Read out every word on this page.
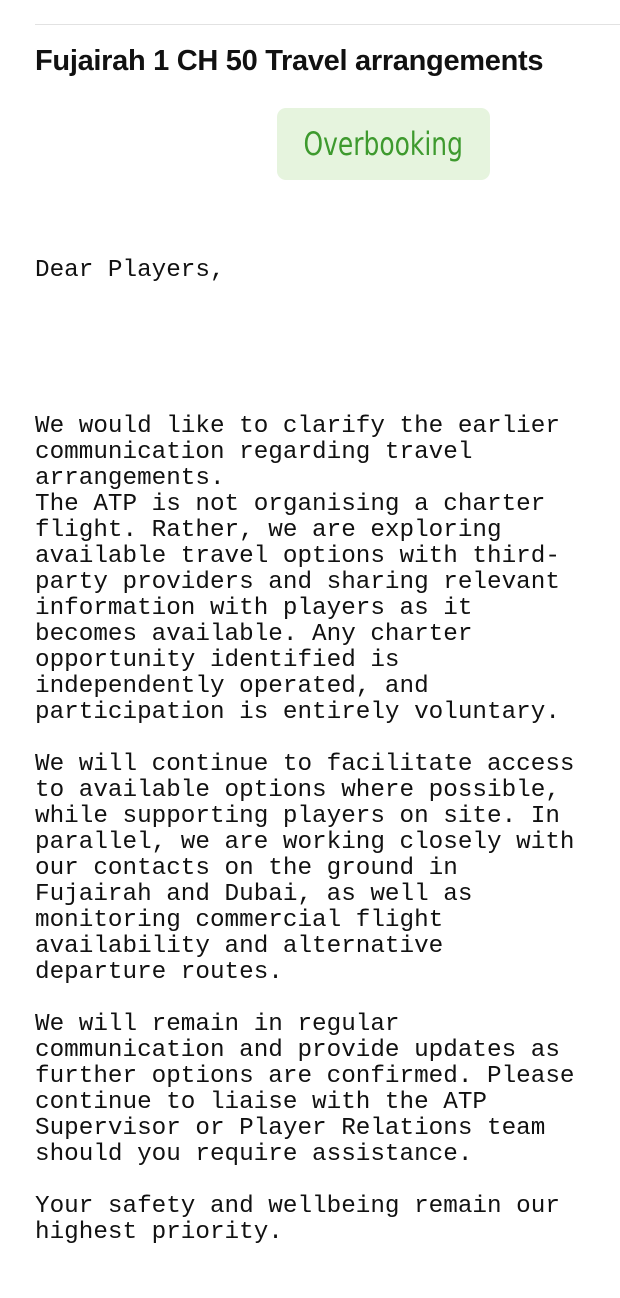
Fujairah 1 CH 50 Travel arrangements
Overbooking

Dear Players,

We would like to clarify the earlier
communication regarding travel
arrangements.
The ATP is not organising a charter
flight. Rather, we are exploring
available travel options with third-
party providers and sharing relevant
information with players as it
becomes available. Any charter
opportunity identified is
independently operated, and
participation is entirely voluntary.
We will continue to facilitate access
to available options where possible,
while supporting players on site. In
parallel, we are working closely with
our contacts on the ground in
Fujairah and Dubai, as well as
monitoring commercial flight
availability and alternative
departure routes.
We will remain in regular
communication and provide updates as
further options are confirmed. Please
continue to liaise with the ATP
Supervisor or Player Relations team
should you require assistance.
Your safety and wellbeing remain our
highest priority.
